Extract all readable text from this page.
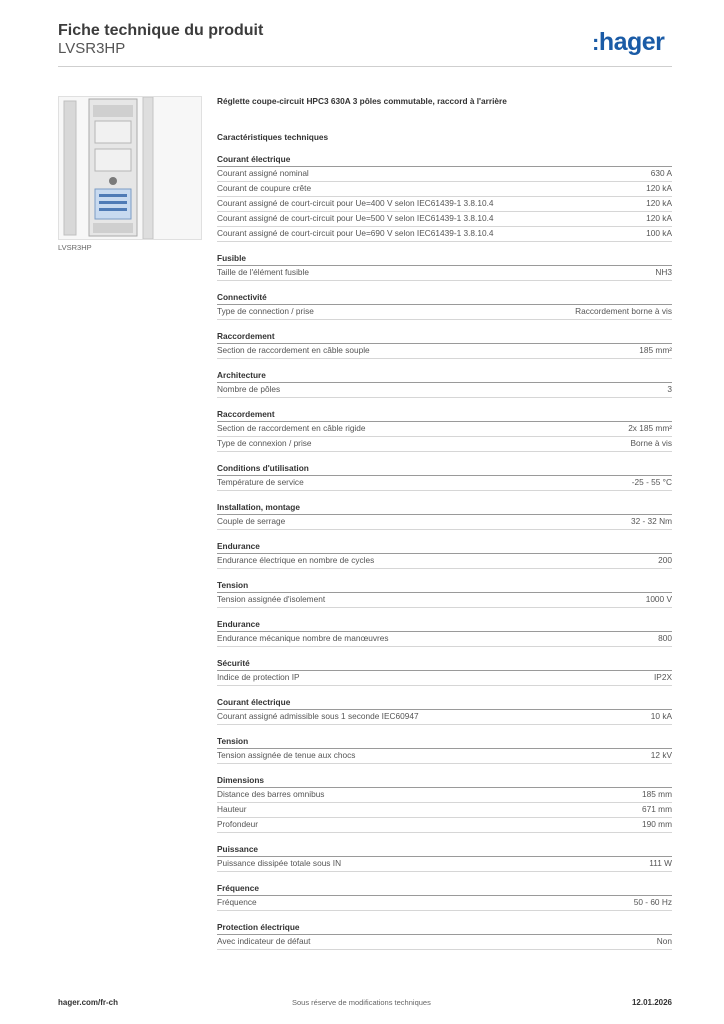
Fiche technique du produit
LVSR3HP	:hager
LVSR3HP
Réglette coupe-circuit HPC3 630A 3 pôles commutable, raccord à l'arrière
Caractéristiques techniques
Courant électrique
Courant assigné nominal	630 A
Courant de coupure crête	120 kA
Courant assigné de court-circuit pour Ue=400 V selon IEC61439-1 3.8.10.4	120 kA
Courant assigné de court-circuit pour Ue=500 V selon IEC61439-1 3.8.10.4	120 kA
Courant assigné de court-circuit pour Ue=690 V selon IEC61439-1 3.8.10.4	100 kA
Fusible
Taille de l'élément fusible	NH3
Connectivité
Type de connection / prise	Raccordement borne à vis
Raccordement
Section de raccordement en câble souple	185 mm²
Architecture
Nombre de pôles	3
Raccordement
Section de raccordement en câble rigide	2x 185 mm²
Type de connexion / prise	Borne à vis
Conditions d'utilisation
Température de service	-25 - 55 °C
Installation, montage
Couple de serrage	32 - 32 Nm
Endurance
Endurance électrique en nombre de cycles	200
Tension
Tension assignée d'isolement	1000 V
Endurance
Endurance mécanique nombre de manœuvres	800
Sécurité
Indice de protection IP	IP2X
Courant électrique
Courant assigné admissible sous 1 seconde IEC60947	10 kA
Tension
Tension assignée de tenue aux chocs	12 kV
Dimensions
Distance des barres omnibus	185 mm
Hauteur	671 mm
Profondeur	190 mm
Puissance
Puissance dissipée totale sous IN	111 W
Fréquence
Fréquence	50 - 60 Hz
Protection électrique
Avec indicateur de défaut	Non
hager.com/fr-ch	Sous réserve de modifications techniques	12.01.2026
